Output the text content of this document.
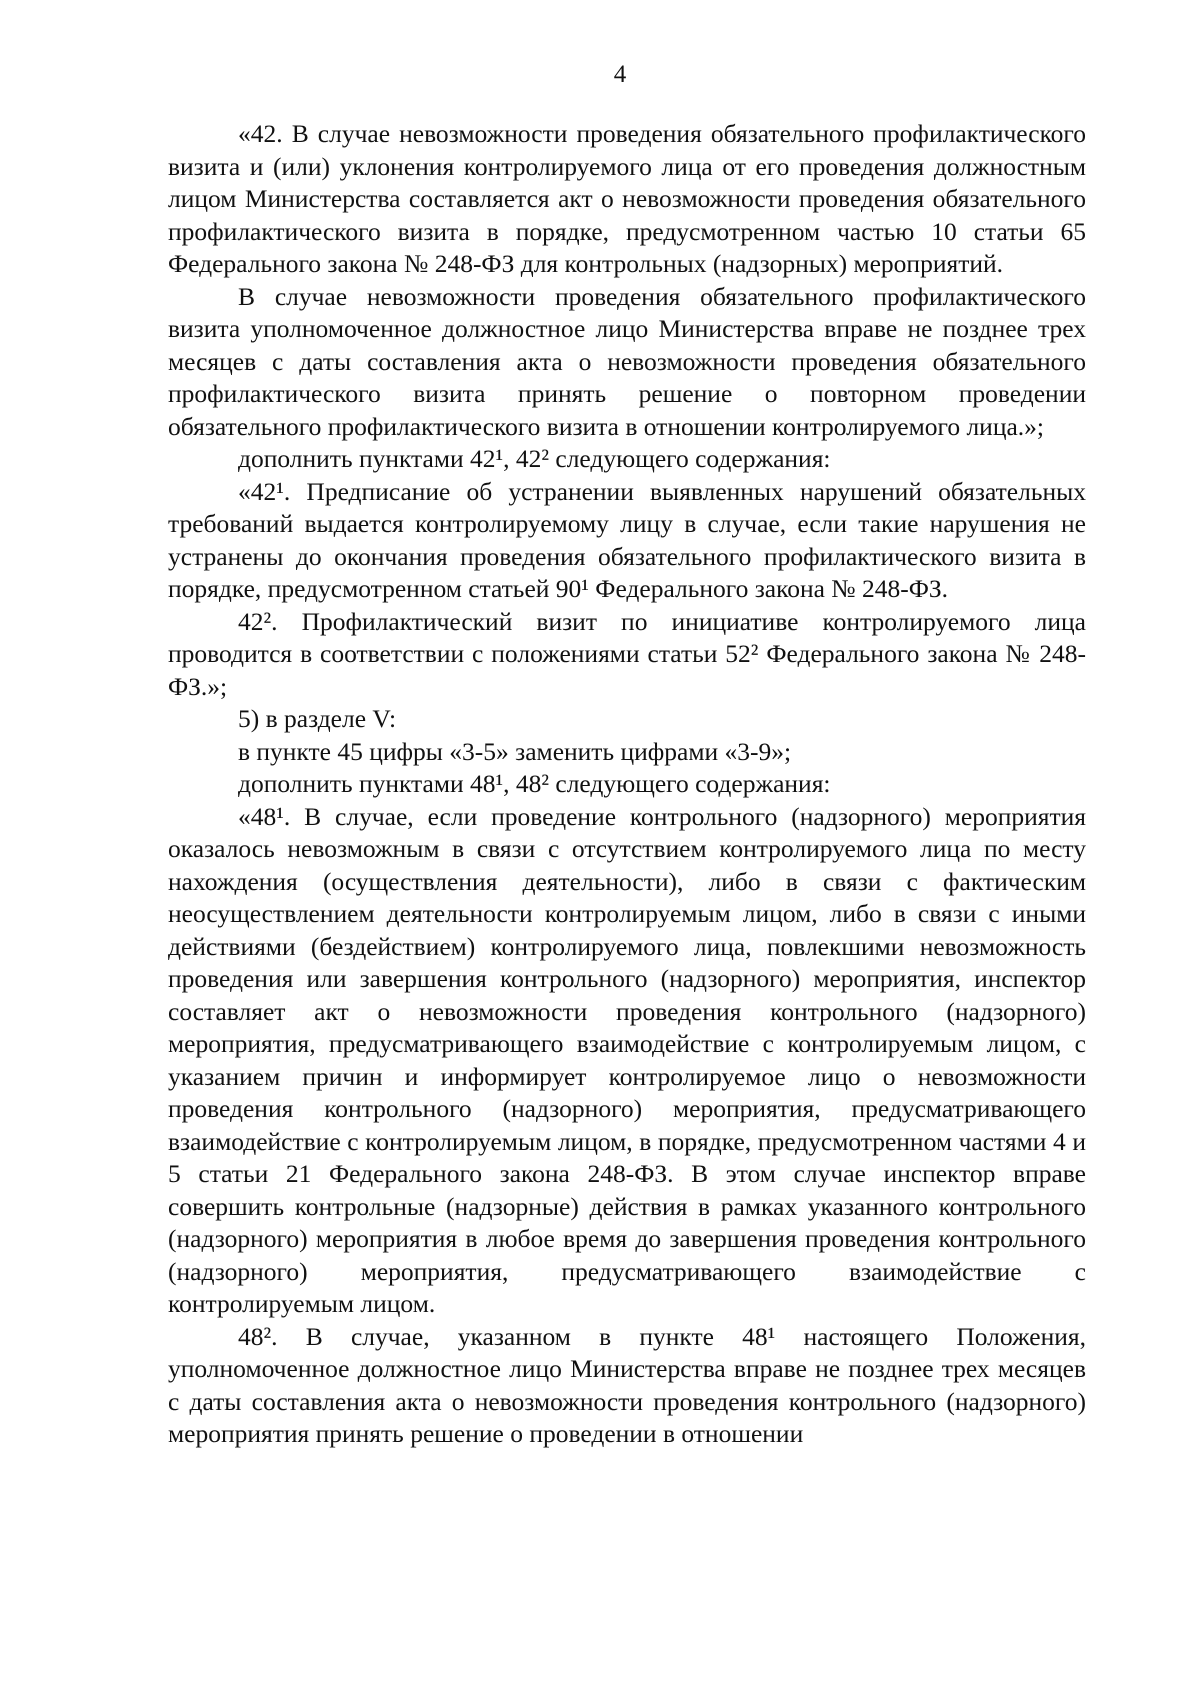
4

«42. В случае невозможности проведения обязательного профилактического визита и (или) уклонения контролируемого лица от его проведения должностным лицом Министерства составляется акт о невозможности проведения обязательного профилактического визита в порядке, предусмотренном частью 10 статьи 65 Федерального закона № 248-ФЗ для контрольных (надзорных) мероприятий.

В случае невозможности проведения обязательного профилактического визита уполномоченное должностное лицо Министерства вправе не позднее трех месяцев с даты составления акта о невозможности проведения обязательного профилактического визита принять решение о повторном проведении обязательного профилактического визита в отношении контролируемого лица.»;

дополнить пунктами 42¹, 42² следующего содержания:

«42¹. Предписание об устранении выявленных нарушений обязательных требований выдается контролируемому лицу в случае, если такие нарушения не устранены до окончания проведения обязательного профилактического визита в порядке, предусмотренном статьей 90¹ Федерального закона № 248-ФЗ.

42². Профилактический визит по инициативе контролируемого лица проводится в соответствии с положениями статьи 52² Федерального закона № 248-ФЗ.»;

5) в разделе V:

в пункте 45 цифры «3-5» заменить цифрами «3-9»;

дополнить пунктами 48¹, 48² следующего содержания:

«48¹. В случае, если проведение контрольного (надзорного) мероприятия оказалось невозможным в связи с отсутствием контролируемого лица по месту нахождения (осуществления деятельности), либо в связи с фактическим неосуществлением деятельности контролируемым лицом, либо в связи с иными действиями (бездействием) контролируемого лица, повлекшими невозможность проведения или завершения контрольного (надзорного) мероприятия, инспектор составляет акт о невозможности проведения контрольного (надзорного) мероприятия, предусматривающего взаимодействие с контролируемым лицом, с указанием причин и информирует контролируемое лицо о невозможности проведения контрольного (надзорного) мероприятия, предусматривающего взаимодействие с контролируемым лицом, в порядке, предусмотренном частями 4 и 5 статьи 21 Федерального закона 248-ФЗ. В этом случае инспектор вправе совершить контрольные (надзорные) действия в рамках указанного контрольного (надзорного) мероприятия в любое время до завершения проведения контрольного (надзорного) мероприятия, предусматривающего взаимодействие с контролируемым лицом.

48². В случае, указанном в пункте 48¹ настоящего Положения, уполномоченное должностное лицо Министерства вправе не позднее трех месяцев с даты составления акта о невозможности проведения контрольного (надзорного) мероприятия принять решение о проведении в отношении
